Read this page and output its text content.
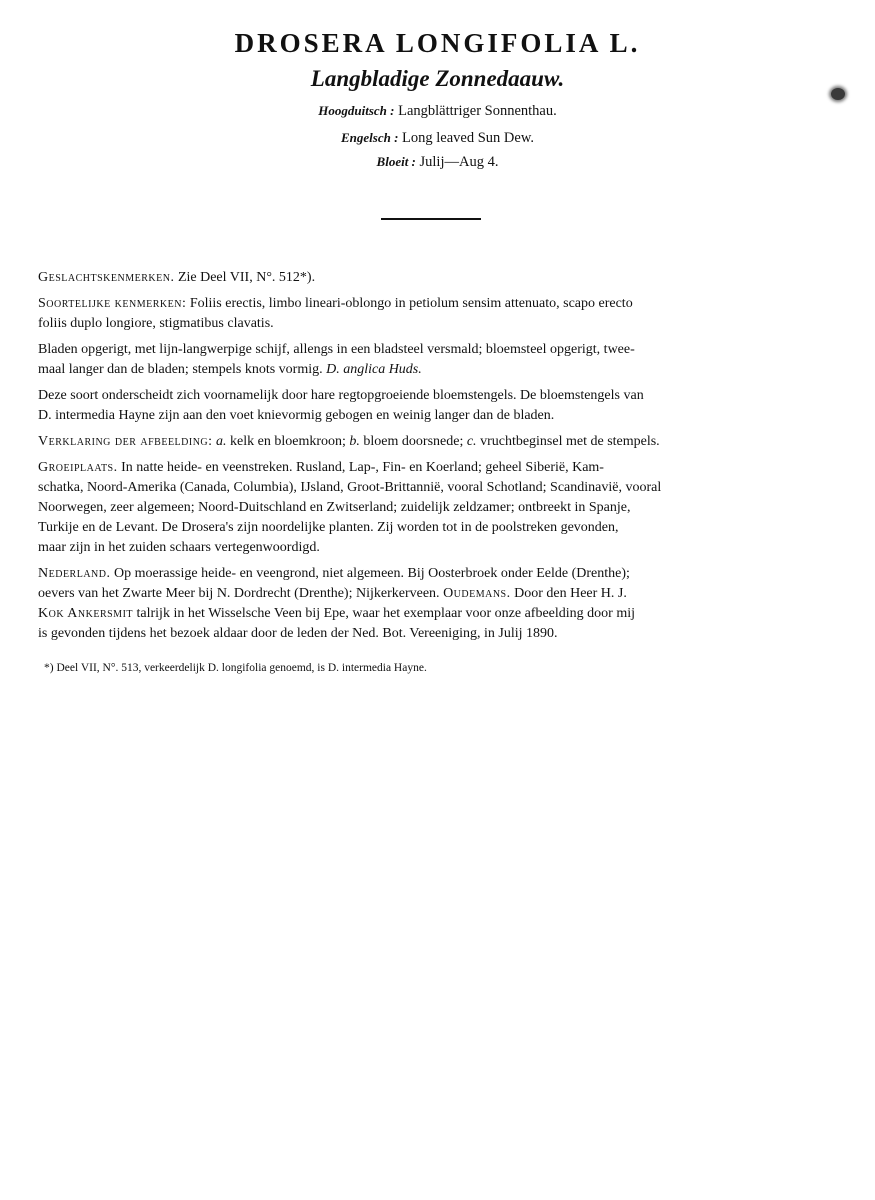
DROSERA LONGIFOLIA L.
Langbladige Zonnedaauw.
Hoogduitsch : Langblättriger Sonnenthau.
Engelsch : Long leaved Sun Dew.
Bloeit : Julij—Aug 4.

Geslachtskenmerken. Zie Deel VII, N°. 512*).

Soortelijke kenmerken: Foliis erectis, limbo lineari-oblongo in petiolum sensim attenuato, scapo erecto
foliis duplo longiore, stigmatibus clavatis.

Bladen opgerigt, met lijn-langwerpige schijf, allengs in een bladsteel versmald; bloemsteel opgerigt, twee-
maal langer dan de bladen; stempels knots vormig. D. anglica Huds.

Deze soort onderscheidt zich voornamelijk door hare regtopgroeiende bloemstengels. De bloemstengels van
D. intermedia Hayne zijn aan den voet knievormig gebogen en weinig langer dan de bladen.

Verklaring der afbeelding: a. kelk en bloemkroon; b. bloem doorsnede; c. vruchtbeginsel met de stempels.

Groeiplaats. In natte heide- en veenstreken. Rusland, Lap-, Fin- en Koerland; geheel Siberië, Kam-
schatka, Noord-Amerika (Canada, Columbia), IJsland, Groot-Brittannië, vooral Schotland; Scandinavië, vooral
Noorwegen, zeer algemeen; Noord-Duitschland en Zwitserland; zuidelijk zeldzamer; ontbreekt in Spanje,
Turkije en de Levant. De Drosera's zijn noordelijke planten. Zij worden tot in de poolstreken gevonden,
maar zijn in het zuiden schaars vertegenwoordigd.

Nederland. Op moerassige heide- en veengrond, niet algemeen. Bij Oosterbroek onder Eelde (Drenthe);
oevers van het Zwarte Meer bij N. Dordrecht (Drenthe); Nijkerkerveen. Oudemans. Door den Heer H. J.
Kok Ankersmit talrijk in het Wisselsche Veen bij Epe, waar het exemplaar voor onze afbeelding door mij
is gevonden tijdens het bezoek aldaar door de leden der Ned. Bot. Vereeniging, in Julij 1890.

*) Deel VII, N°. 513, verkeerdelijk D. longifolia genoemd, is D. intermedia Hayne.
